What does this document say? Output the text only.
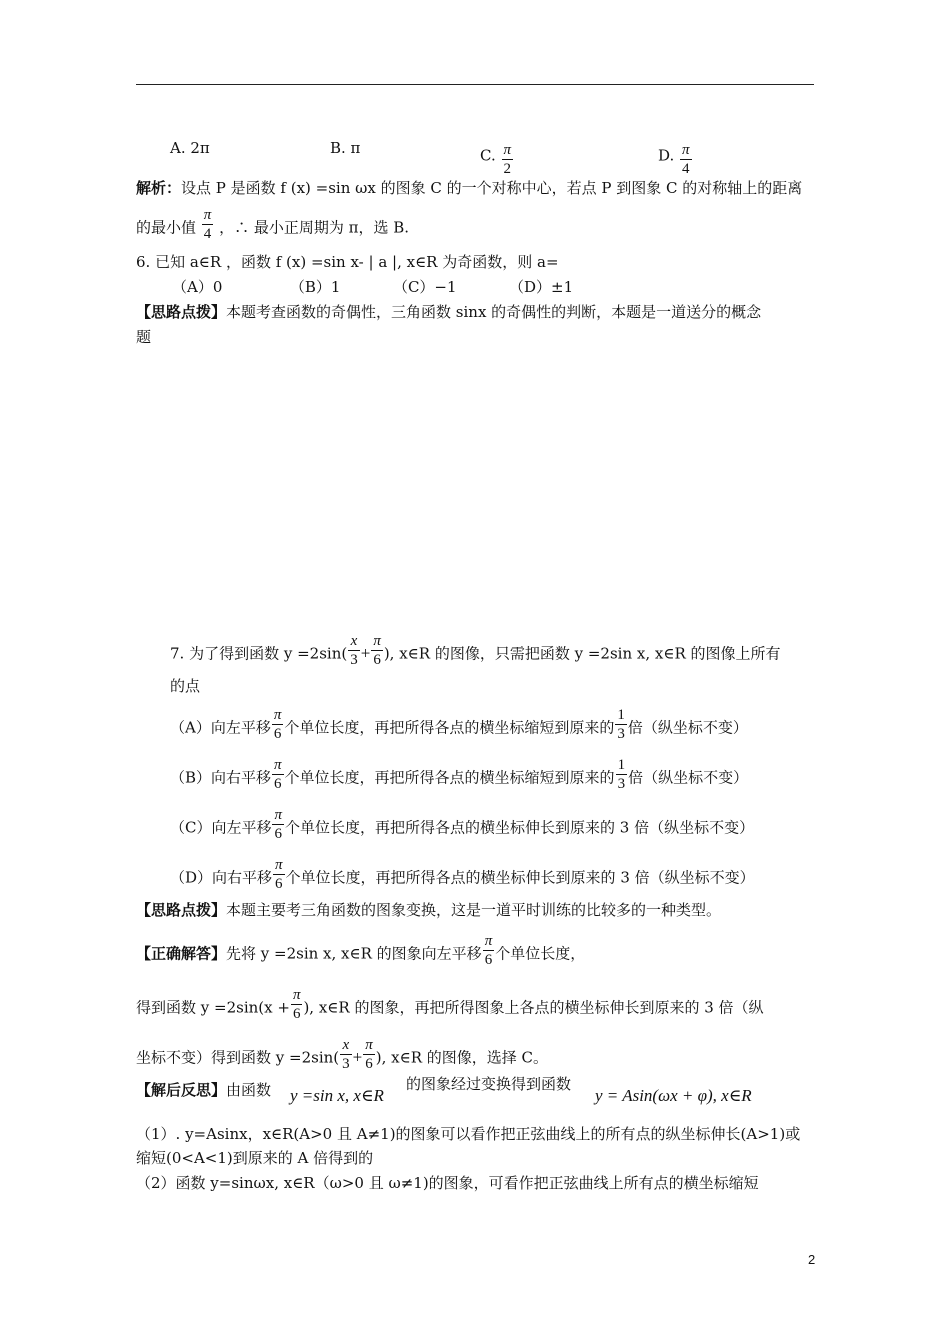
A. 2π	B. π	C. $\frac{\pi}{2}$	D. $\frac{\pi}{4}$
解析：设点 P 是函数 f (x) =sin ωx 的图象 C 的一个对称中心，若点 P 到图象 C 的对称轴上的距离
的最小值 $\frac{\pi}{4}$ ，∴ 最小正周期为 π，选 B.
6. 已知 a∈R ，函数 f (x) =sin x- | a |, x∈R 为奇函数，则 a=
（A）0　　　　　（B）1　　　　（C）−1　　　　（D）±1
【思路点拨】本题考查函数的奇偶性，三角函数 sinx 的奇偶性的判断，本题是一道送分的概念
题
7. 为了得到函数 $y =2\sin( \frac{x}{3} + \frac{\pi}{6}$ ), x∈R 的图像，只需把函数 y =2sin x, x∈R 的图像上所有
的点
（A）向左平移 $\frac{\pi}{6}$ 个单位长度，再把所得各点的横坐标缩短到原来的 $\frac{1}{3}$ 倍（纵坐标不变）
（B）向右平移 $\frac{\pi}{6}$ 个单位长度，再把所得各点的横坐标缩短到原来的 $\frac{1}{3}$ 倍（纵坐标不变）
（C）向左平移 $\frac{\pi}{6}$ 个单位长度，再把所得各点的横坐标伸长到原来的 3 倍（纵坐标不变）
（D）向右平移 $\frac{\pi}{6}$ 个单位长度，再把所得各点的横坐标伸长到原来的 3 倍（纵坐标不变）
【思路点拨】本题主要考三角函数的图象变换，这是一道平时训练的比较多的一种类型。
【正确解答】先将 y =2sin x, x∈R 的图象向左平移 $\frac{\pi}{6}$ 个单位长度，
得到函数 $y =2\sin(x + \frac{\pi}{6}$ ), x∈R 的图象，再把所得图象上各点的横坐标伸长到原来的 3 倍（纵
坐标不变）得到函数 $y =2\sin( \frac{x}{3} + \frac{\pi}{6}$ ), x∈R 的图像，选择 C。
【解后反思】由函数 y =sin x, x∈R
的图象经过变换得到函数
y = Asin(ωx + φ), x∈R
（1）. y=Asinx，x∈R(A>0 且 A≠1)的图象可以看作把正弦曲线上的所有点的纵坐标伸长(A>1)或
缩短(0<A<1)到原来的 A 倍得到的
（2）函数 y=sinωx, x∈R（ω>0 且 ω≠1)的图象，可看作把正弦曲线上所有点的横坐标缩短
2
